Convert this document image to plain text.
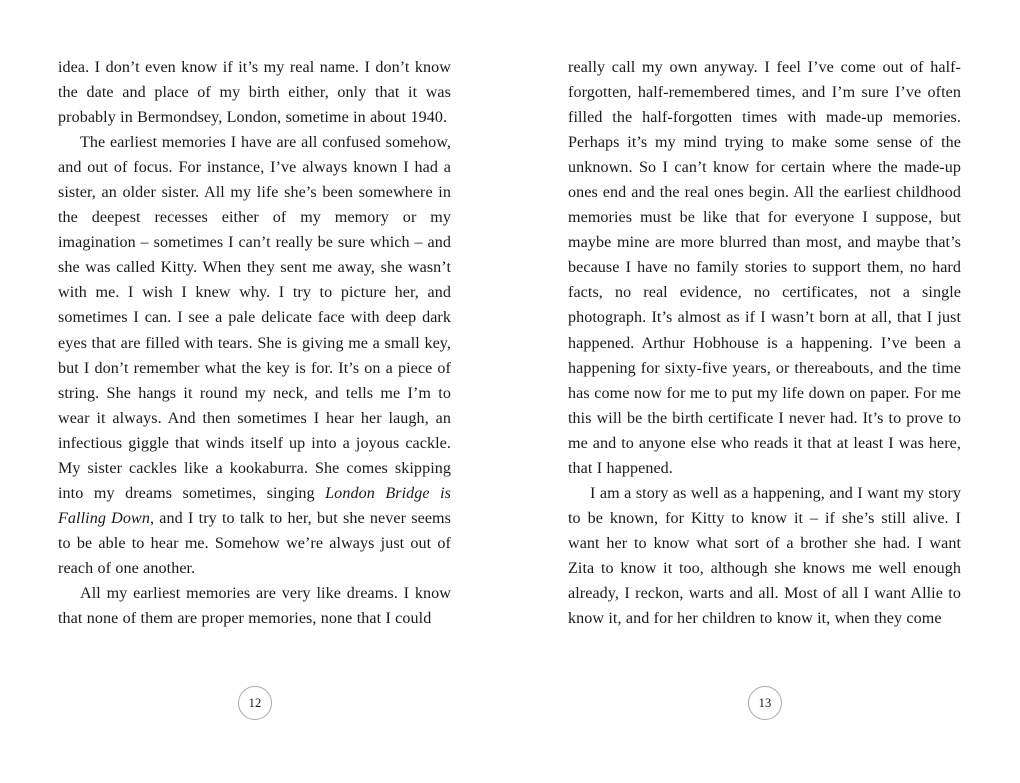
idea. I don’t even know if it’s my real name. I don’t know the date and place of my birth either, only that it was probably in Bermondsey, London, sometime in about 1940.

The earliest memories I have are all confused somehow, and out of focus. For instance, I’ve always known I had a sister, an older sister. All my life she’s been somewhere in the deepest recesses either of my memory or my imagination – sometimes I can’t really be sure which – and she was called Kitty. When they sent me away, she wasn’t with me. I wish I knew why. I try to picture her, and sometimes I can. I see a pale delicate face with deep dark eyes that are filled with tears. She is giving me a small key, but I don’t remember what the key is for. It’s on a piece of string. She hangs it round my neck, and tells me I’m to wear it always. And then sometimes I hear her laugh, an infectious giggle that winds itself up into a joyous cackle. My sister cackles like a kookaburra. She comes skipping into my dreams sometimes, singing London Bridge is Falling Down, and I try to talk to her, but she never seems to be able to hear me. Somehow we’re always just out of reach of one another.

All my earliest memories are very like dreams. I know that none of them are proper memories, none that I could

12

really call my own anyway. I feel I’ve come out of half-forgotten, half-remembered times, and I’m sure I’ve often filled the half-forgotten times with made-up memories. Perhaps it’s my mind trying to make some sense of the unknown. So I can’t know for certain where the made-up ones end and the real ones begin. All the earliest childhood memories must be like that for everyone I suppose, but maybe mine are more blurred than most, and maybe that’s because I have no family stories to support them, no hard facts, no real evidence, no certificates, not a single photograph. It’s almost as if I wasn’t born at all, that I just happened. Arthur Hobhouse is a happening. I’ve been a happening for sixty-five years, or thereabouts, and the time has come now for me to put my life down on paper. For me this will be the birth certificate I never had. It’s to prove to me and to anyone else who reads it that at least I was here, that I happened.

I am a story as well as a happening, and I want my story to be known, for Kitty to know it – if she’s still alive. I want her to know what sort of a brother she had. I want Zita to know it too, although she knows me well enough already, I reckon, warts and all. Most of all I want Allie to know it, and for her children to know it, when they come

13
